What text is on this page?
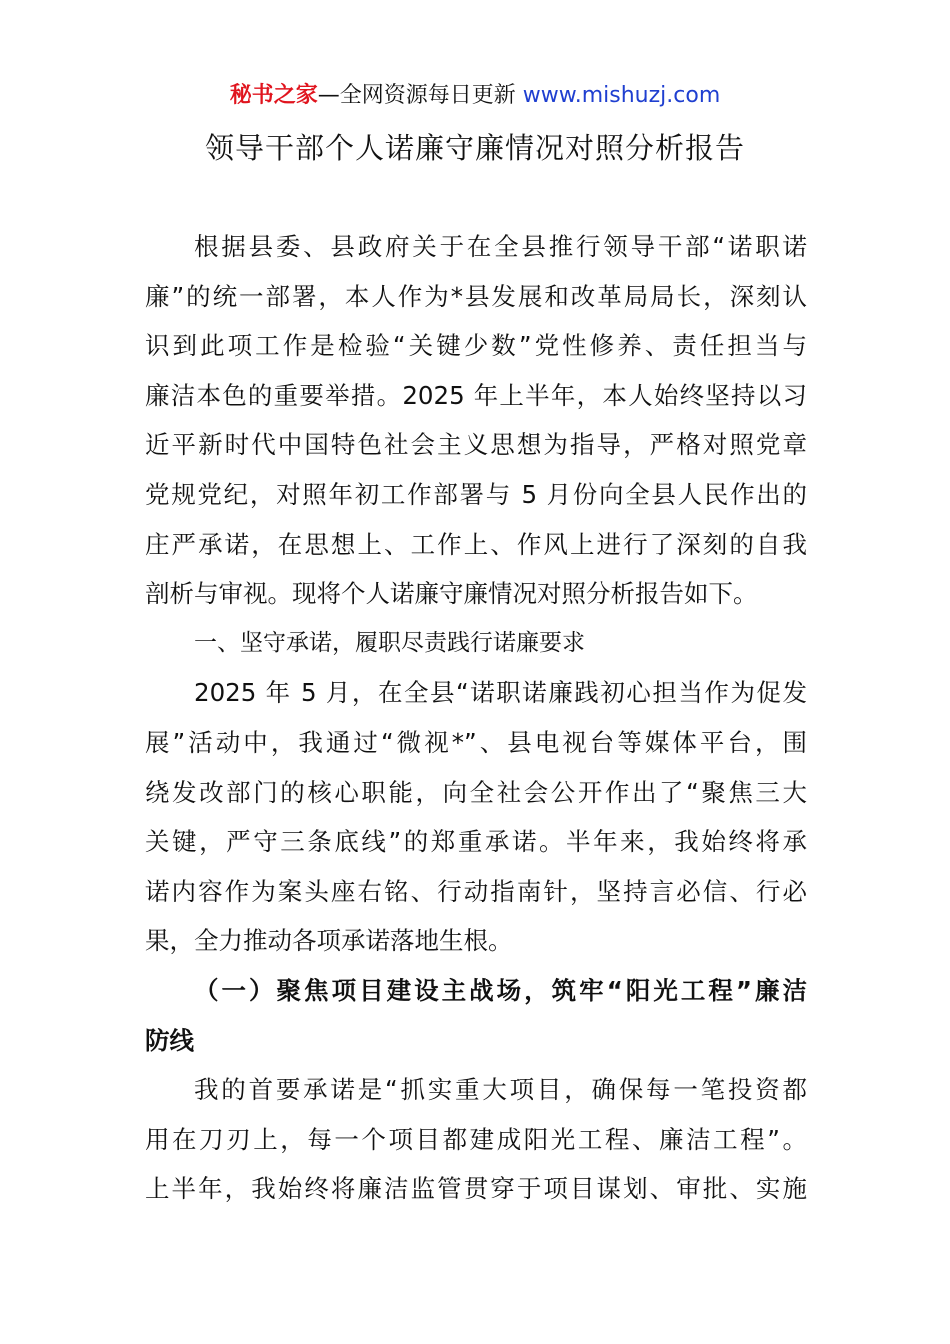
秘书之家—全网资源每日更新 www.mishuzj.com
领导干部个人诺廉守廉情况对照分析报告
根据县委、县政府关于在全县推行领导干部“诺职诺
廉”的统一部署，本人作为*县发展和改革局局长，深刻认
识到此项工作是检验“关键少数”党性修养、责任担当与
廉洁本色的重要举措。2025 年上半年，本人始终坚持以习
近平新时代中国特色社会主义思想为指导，严格对照党章
党规党纪，对照年初工作部署与 5 月份向全县人民作出的
庄严承诺，在思想上、工作上、作风上进行了深刻的自我
剖析与审视。现将个人诺廉守廉情况对照分析报告如下。
一、坚守承诺，履职尽责践行诺廉要求
2025 年 5 月，在全县“诺职诺廉践初心担当作为促发
展”活动中，我通过“微视*”、县电视台等媒体平台，围
绕发改部门的核心职能，向全社会公开作出了“聚焦三大
关键，严守三条底线”的郑重承诺。半年来，我始终将承
诺内容作为案头座右铭、行动指南针，坚持言必信、行必
果，全力推动各项承诺落地生根。
（一）聚焦项目建设主战场，筑牢“阳光工程”廉洁
防线
我的首要承诺是“抓实重大项目，确保每一笔投资都
用在刀刃上，每一个项目都建成阳光工程、廉洁工程”。
上半年，我始终将廉洁监管贯穿于项目谋划、审批、实施
